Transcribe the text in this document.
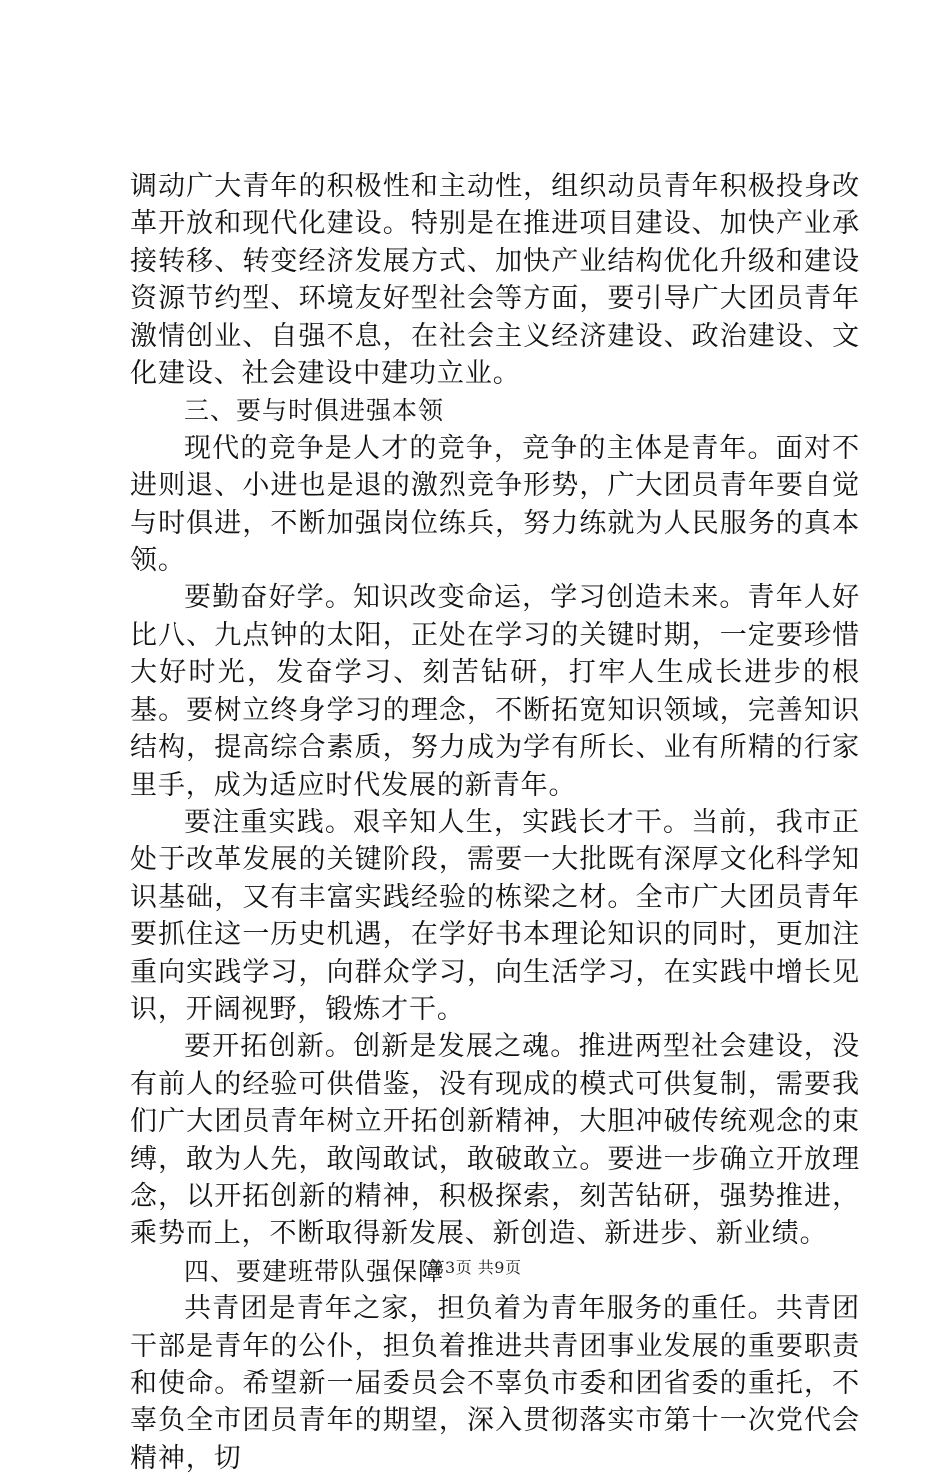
调动广大青年的积极性和主动性，组织动员青年积极投身改革开放和现代化建设。特别是在推进项目建设、加快产业承接转移、转变经济发展方式、加快产业结构优化升级和建设资源节约型、环境友好型社会等方面，要引导广大团员青年激情创业、自强不息，在社会主义经济建设、政治建设、文化建设、社会建设中建功立业。

三、要与时俱进强本领

现代的竞争是人才的竞争，竞争的主体是青年。面对不进则退、小进也是退的激烈竞争形势，广大团员青年要自觉与时俱进，不断加强岗位练兵，努力练就为人民服务的真本领。

要勤奋好学。知识改变命运，学习创造未来。青年人好比八、九点钟的太阳，正处在学习的关键时期，一定要珍惜大好时光，发奋学习、刻苦钻研，打牢人生成长进步的根基。要树立终身学习的理念，不断拓宽知识领域，完善知识结构，提高综合素质，努力成为学有所长、业有所精的行家里手，成为适应时代发展的新青年。

要注重实践。艰辛知人生，实践长才干。当前，我市正处于改革发展的关键阶段，需要一大批既有深厚文化科学知识基础，又有丰富实践经验的栋梁之材。全市广大团员青年要抓住这一历史机遇，在学好书本理论知识的同时，更加注重向实践学习，向群众学习，向生活学习，在实践中增长见识，开阔视野，锻炼才干。

要开拓创新。创新是发展之魂。推进两型社会建设，没有前人的经验可供借鉴，没有现成的模式可供复制，需要我们广大团员青年树立开拓创新精神，大胆冲破传统观念的束缚，敢为人先，敢闯敢试，敢破敢立。要进一步确立开放理念，以开拓创新的精神，积极探索，刻苦钻研，强势推进，乘势而上，不断取得新发展、新创造、新进步、新业绩。

四、要建班带队强保障

共青团是青年之家，担负着为青年服务的重任。共青团干部是青年的公仆，担负着推进共青团事业发展的重要职责和使命。希望新一届委员会不辜负市委和团省委的重托，不辜负全市团员青年的期望，深入贯彻落实市第十一次党代会精神，切

第3页 共9页
